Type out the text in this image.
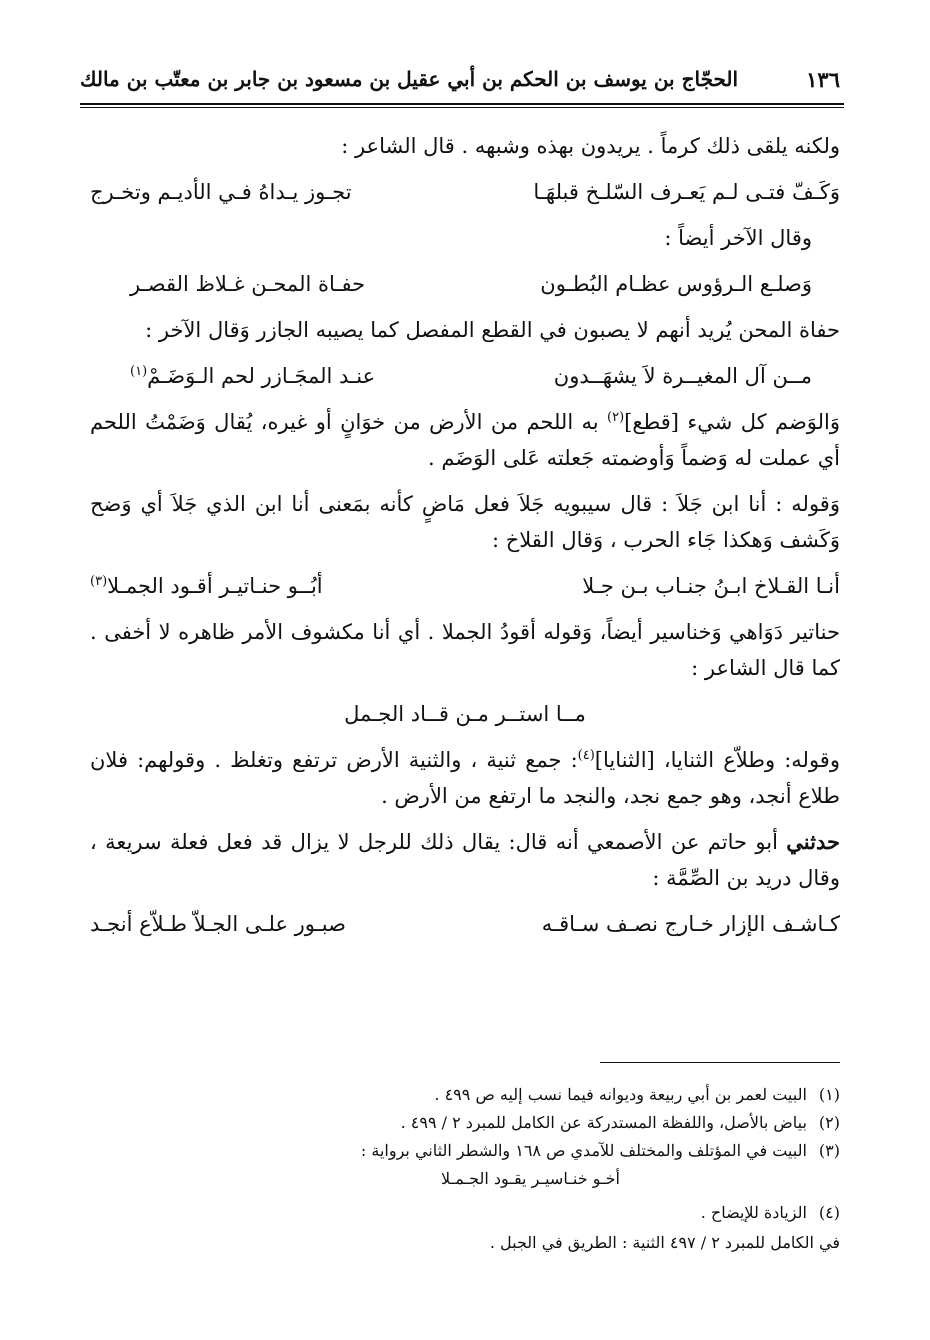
١٣٦
الحجّاج بن يوسف بن الحكم بن أبي عقيل بن مسعود بن جابر بن معتّب بن مالك

ولكنه يلقى ذلك كرماً . يريدون بهذه وشبهه . قال الشاعر :

وَكَـفّ فتـى لـم يَعـرف السّلـخ قبلهَـا
تجـوز يـداهُ فـي الأديـم وتخـرج

وقال الآخر أيضاً :

وَصلـع الـرؤوس عظـام البُطـون
حفـاة المحـن غـلاظ القصـر

حفاة المحن يُريد أنهم لا يصبون في القطع المفصل كما يصيبه الجازر وَقال الآخر :

مــن آل المغيــرة لاَ يشهَــدون
عنـد المجَـازر لحم الـوَضَـمْ$^{(١)}$

وَالوَضم كل شيء [قطع]$^{(٢)}$ به اللحم من الأرض من خوَانٍ أو غيره، يُقال وَضَمْتُ اللحم أي عملت له وَضماً وَأوضمته جَعلته عَلى الوَضَم .

وَقوله : أنا ابن جَلاَ : قال سيبويه جَلاَ فعل مَاضٍ كأنه بمَعنى أنا ابن الذي جَلاَ أي وَضح وَكَشف وَهكذا جَاء الحرب ، وَقال القلاخ :

أنـا القـلاخ ابـنُ جنـاب بـن جـلا
أبُــو حنـاتيـر أقـود الجمـلا$^{(٣)}$

حناتير دَوَاهي وَخناسير أيضاً، وَقوله أقودُ الجملا . أي أنا مكشوف الأمر ظاهره لا أخفى . كما قال الشاعر :

مــا استــر مـن قــاد الجـمل

وقوله: وطلاّع الثنايا، [الثنايا]$^{(٤)}$: جمع ثنية ، والثنية الأرض ترتفع وتغلظ . وقولهم: فلان طلاع أنجد، وهو جمع نجد، والنجد ما ارتفع من الأرض .

حدثني أبو حاتم عن الأصمعي أنه قال: يقال ذلك للرجل لا يزال قد فعل فعلة سريعة ، وقال دريد بن الصِّمَّة :

كـاشـف الإزار خـارج نصـف سـاقـه
صبـور علـى الجـلاّ طـلاّع أنجـد
(١)
البيت لعمر بن أبي ربيعة وديوانه فيما نسب إليه ص ٤٩٩ .
(٢)
بياض بالأصل، واللفظة المستدركة عن الكامل للمبرد ٢ / ٤٩٩ .
(٣)
البيت في المؤتلف والمختلف للآمدي ص ١٦٨ والشطر الثاني برواية :
أخـو خنـاسيـر يقـود الجـمـلا
(٤)
الزيادة للإيضاح .
في الكامل للمبرد ٢ / ٤٩٧ الثنية : الطريق في الجبل .
